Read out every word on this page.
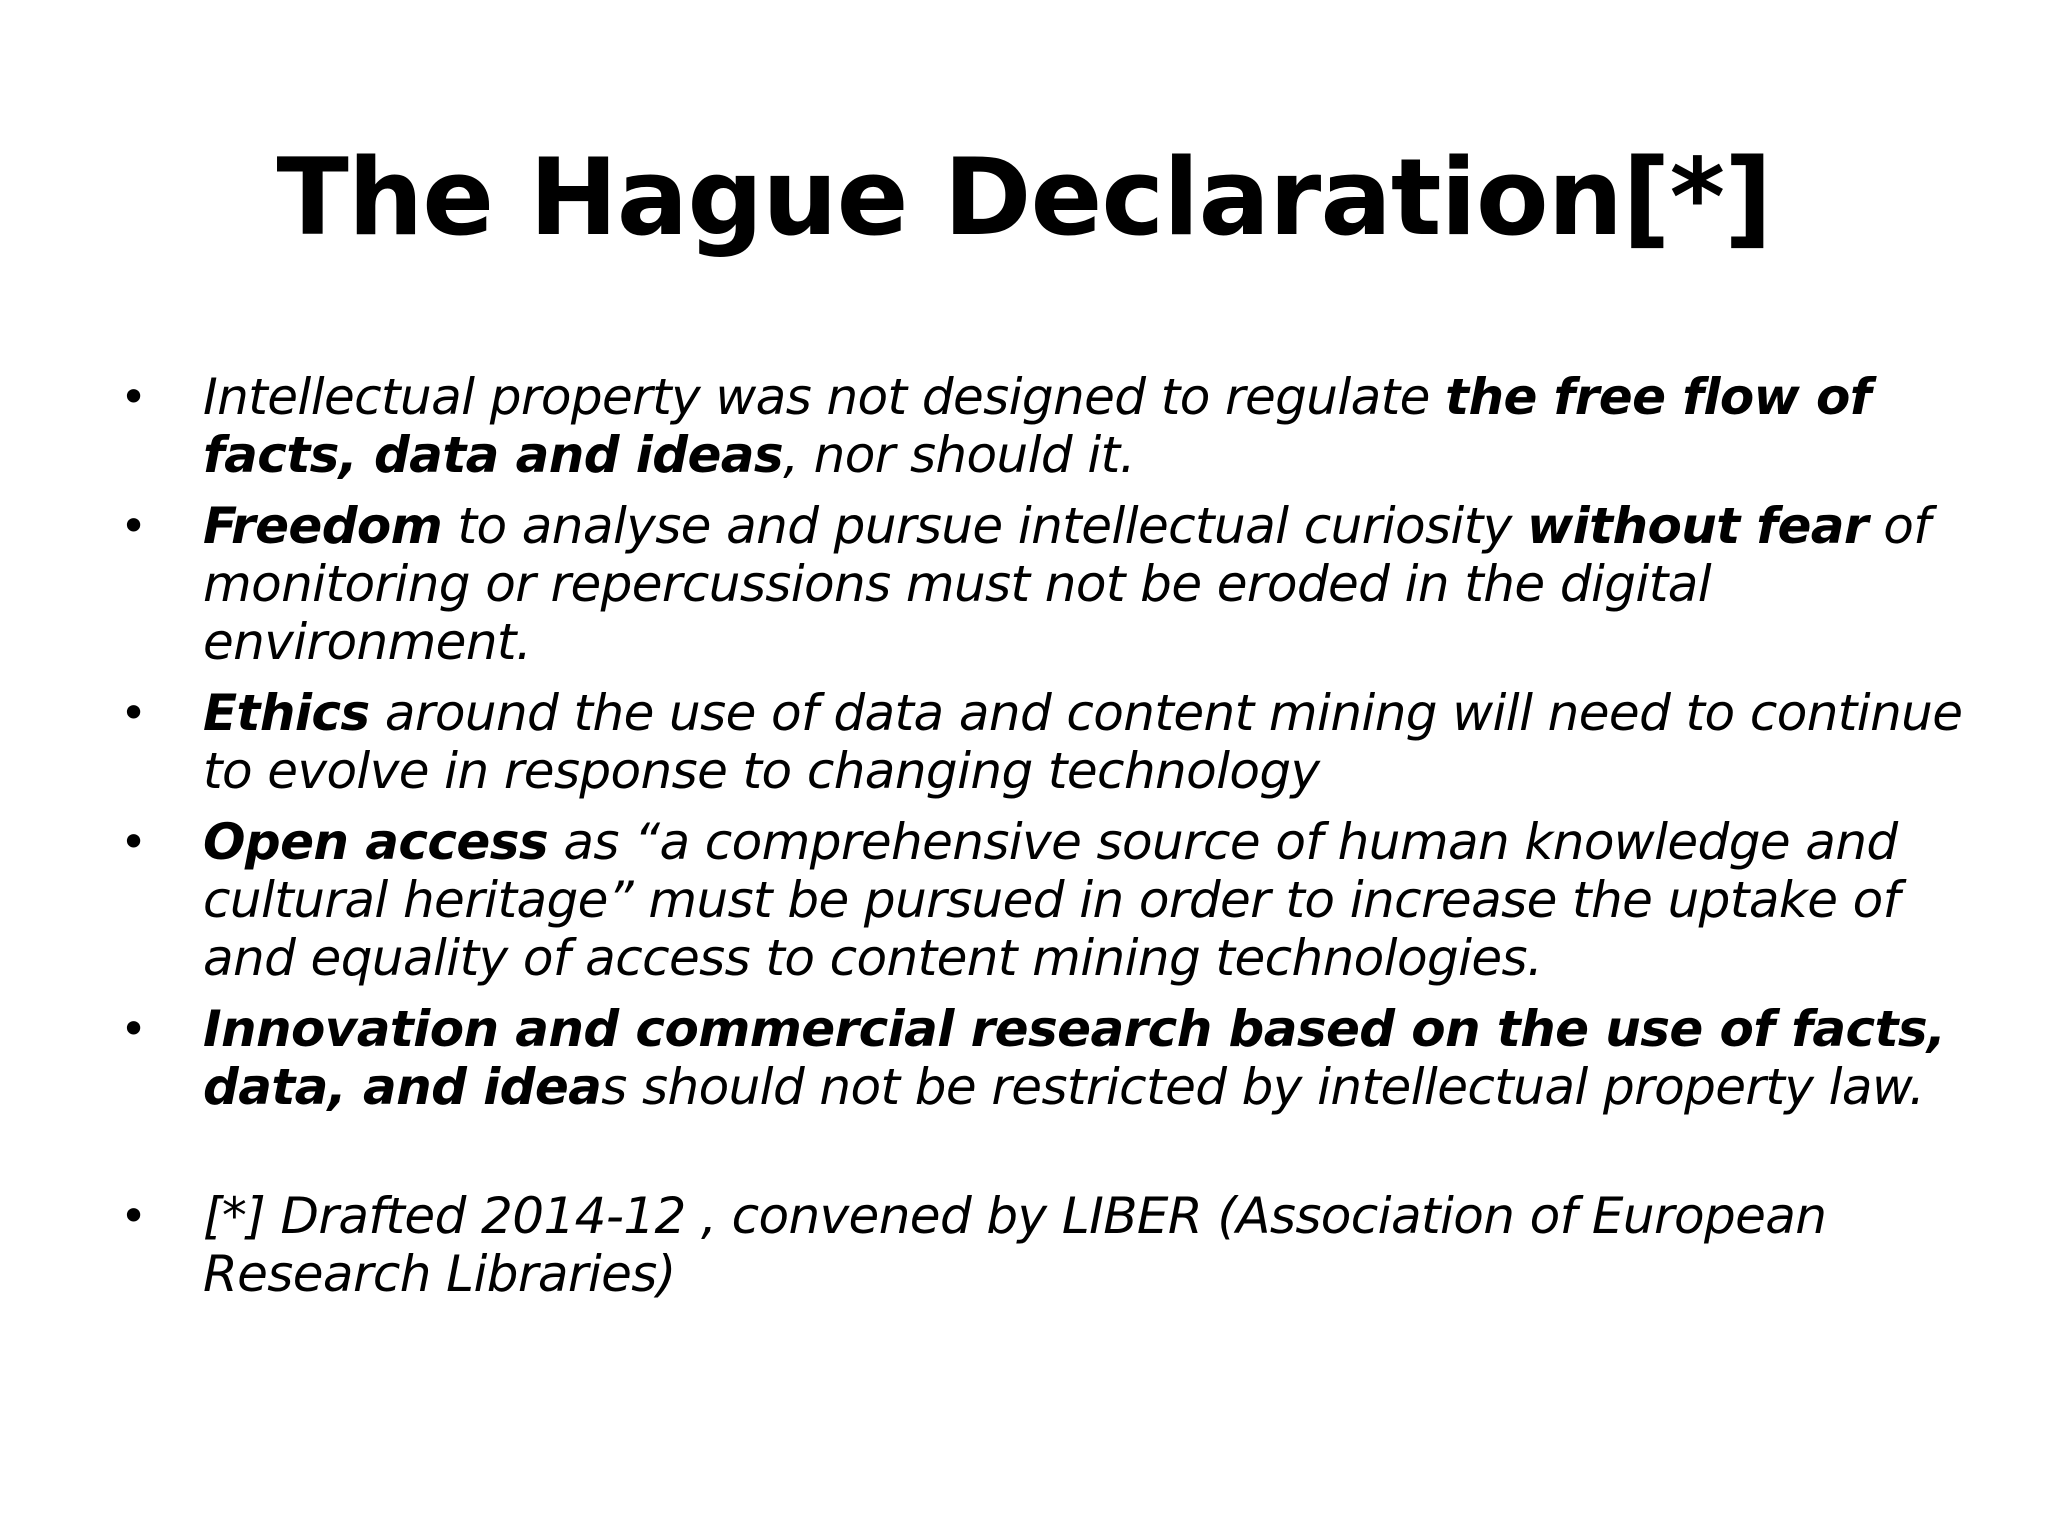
The Hague Declaration[*]
• Intellectual property was not designed to regulate the free flow of facts, data and ideas, nor should it.
• Freedom to analyse and pursue intellectual curiosity without fear of monitoring or repercussions must not be eroded in the digital environment.
• Ethics around the use of data and content mining will need to continue to evolve in response to changing technology
• Open access as “a comprehensive source of human knowledge and cultural heritage” must be pursued in order to increase the uptake of and equality of access to content mining technologies.
• Innovation and commercial research based on the use of facts, data, and ideas should not be restricted by intellectual property law.
• [*] Drafted 2014-12 , convened by LIBER (Association of European Research Libraries)
